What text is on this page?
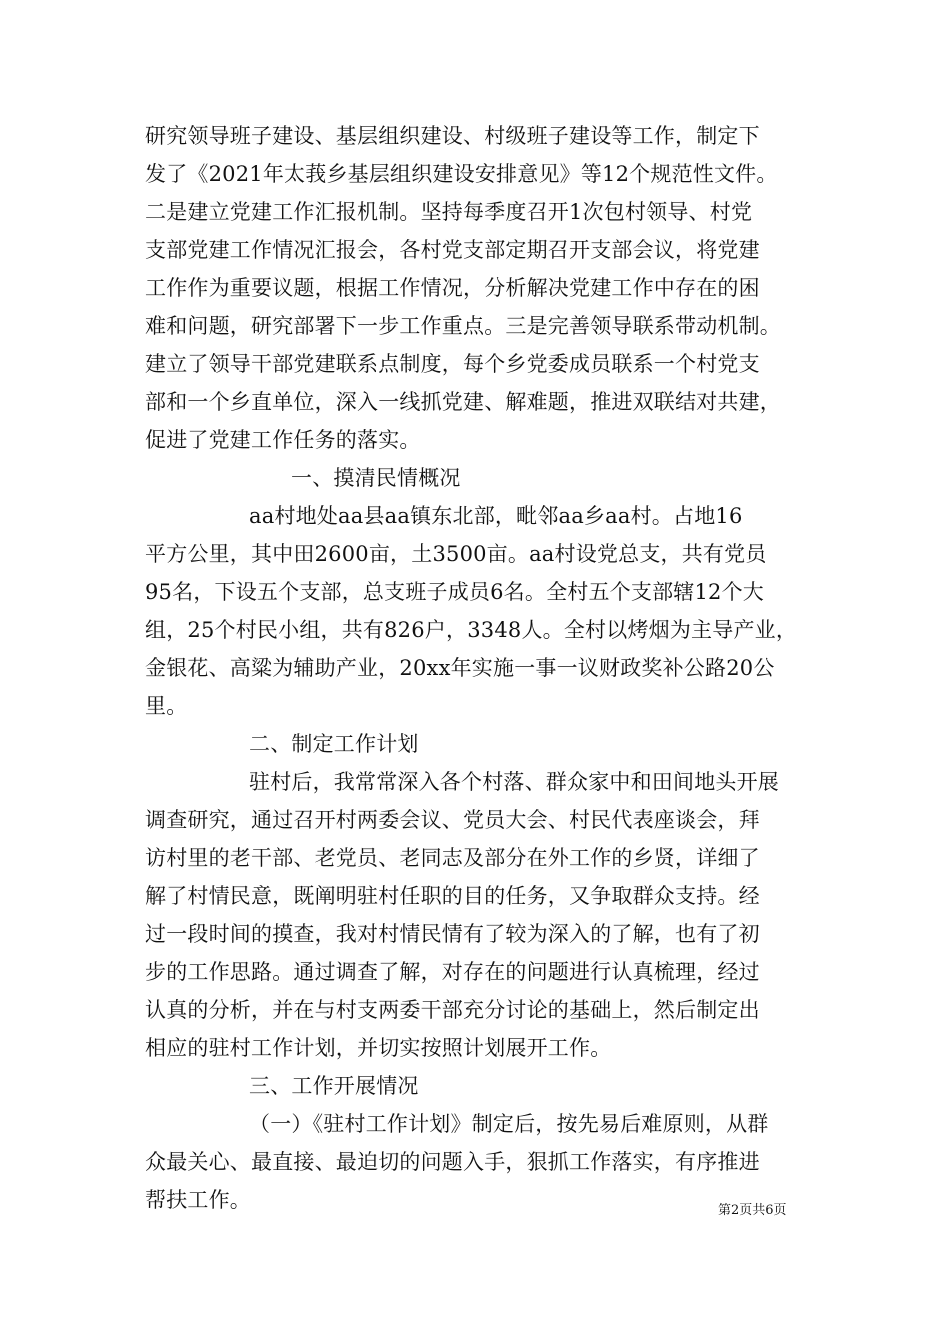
研究领导班子建设、基层组织建设、村级班子建设等工作，制定下
发了《2021年太莪乡基层组织建设安排意见》等12个规范性文件。
二是建立党建工作汇报机制。坚持每季度召开1次包村领导、村党
支部党建工作情况汇报会，各村党支部定期召开支部会议，将党建
工作作为重要议题，根据工作情况，分析解决党建工作中存在的困
难和问题，研究部署下一步工作重点。三是完善领导联系带动机制。
建立了领导干部党建联系点制度，每个乡党委成员联系一个村党支
部和一个乡直单位，深入一线抓党建、解难题，推进双联结对共建，
促进了党建工作任务的落实。
一、摸清民情概况
aa村地处aa县aa镇东北部，毗邻aa乡aa村。占地16
平方公里，其中田2600亩，土3500亩。aa村设党总支，共有党员
95名，下设五个支部，总支班子成员6名。全村五个支部辖12个大
组，25个村民小组，共有826户，3348人。全村以烤烟为主导产业，
金银花、高粱为辅助产业，20xx年实施一事一议财政奖补公路20公
里。
二、制定工作计划
驻村后，我常常深入各个村落、群众家中和田间地头开展
调查研究，通过召开村两委会议、党员大会、村民代表座谈会，拜
访村里的老干部、老党员、老同志及部分在外工作的乡贤，详细了
解了村情民意，既阐明驻村任职的目的任务，又争取群众支持。经
过一段时间的摸查，我对村情民情有了较为深入的了解，也有了初
步的工作思路。通过调查了解，对存在的问题进行认真梳理，经过
认真的分析，并在与村支两委干部充分讨论的基础上，然后制定出
相应的驻村工作计划，并切实按照计划展开工作。
三、工作开展情况
（一）《驻村工作计划》制定后，按先易后难原则，从群
众最关心、最直接、最迫切的问题入手，狠抓工作落实，有序推进
帮扶工作。	第2页共6页
